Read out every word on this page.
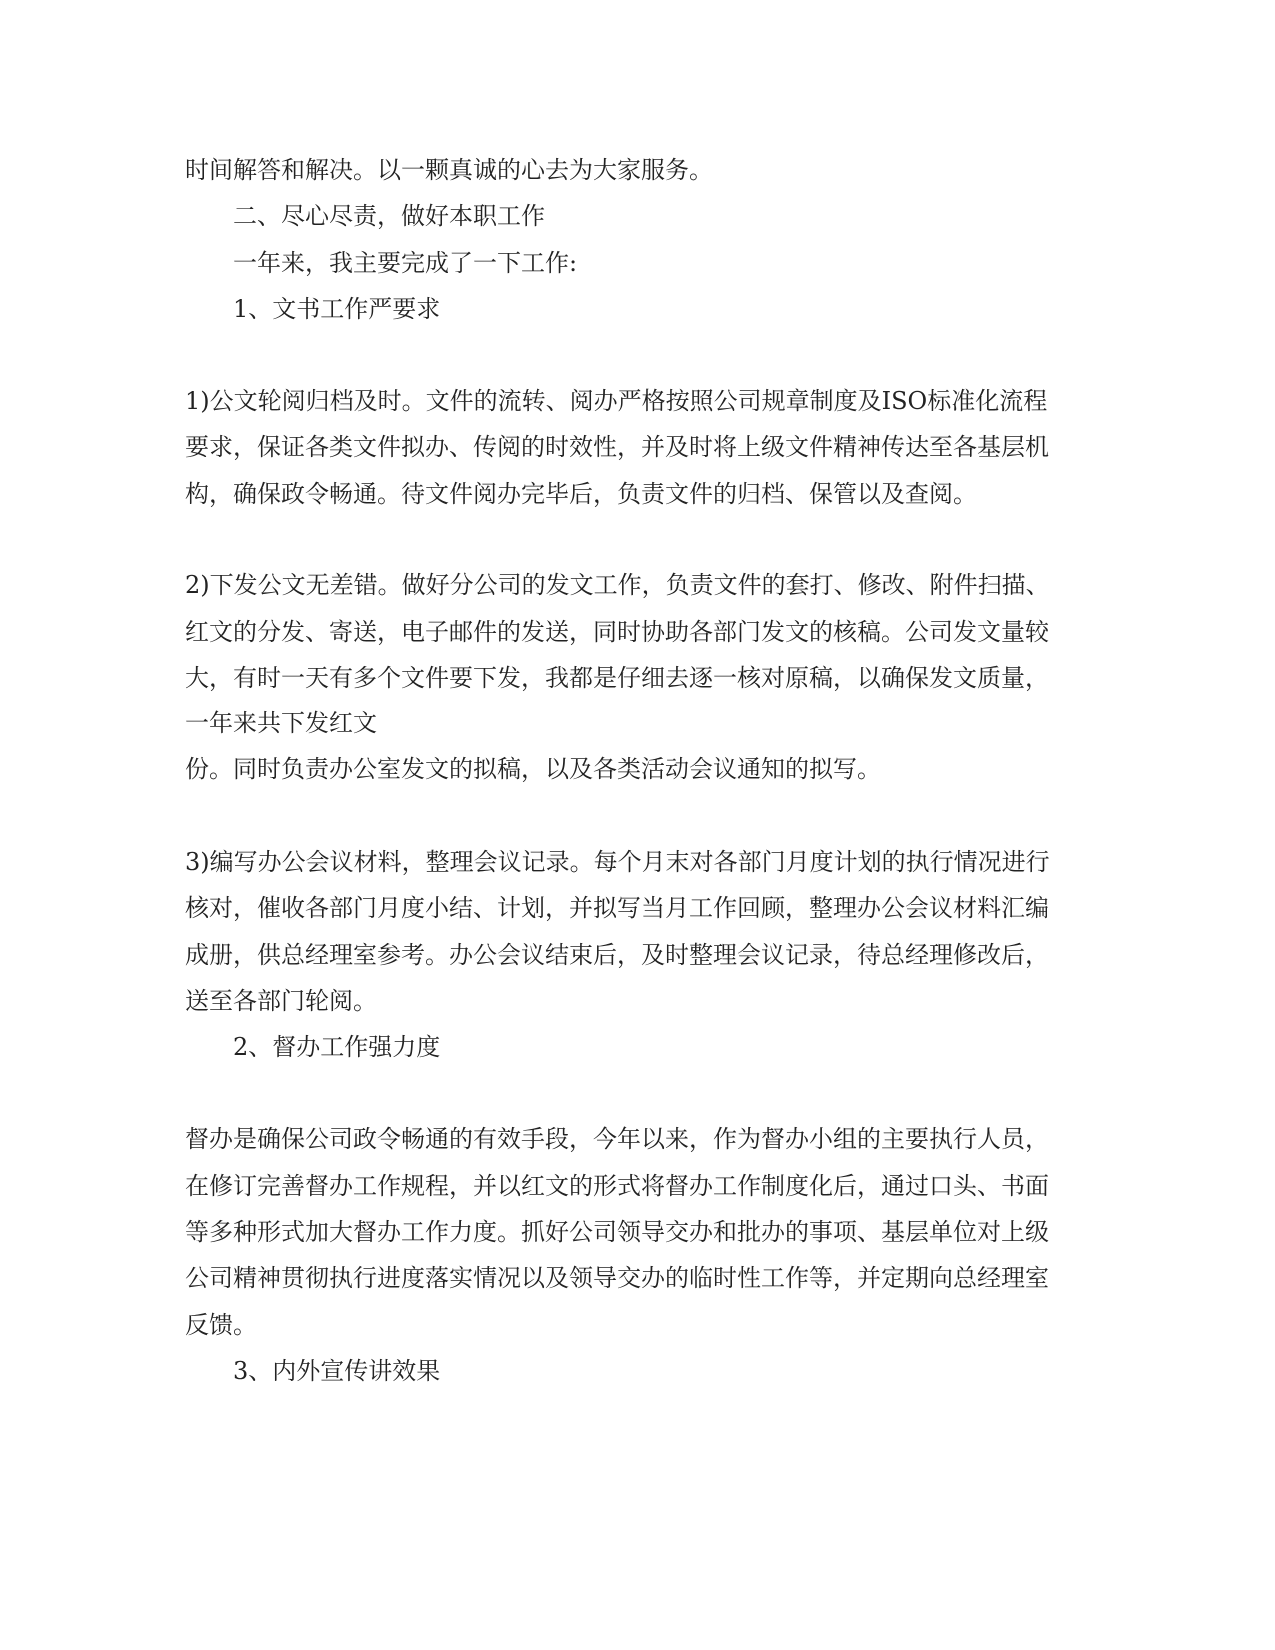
时间解答和解决。以一颗真诚的心去为大家服务。

二、尽心尽责，做好本职工作

一年来，我主要完成了一下工作:

1、文书工作严要求

1)公文轮阅归档及时。文件的流转、阅办严格按照公司规章制度及ISO标准化流程

要求，保证各类文件拟办、传阅的时效性，并及时将上级文件精神传达至各基层机

构，确保政令畅通。待文件阅办完毕后，负责文件的归档、保管以及查阅。

2)下发公文无差错。做好分公司的发文工作，负责文件的套打、修改、附件扫描、

红文的分发、寄送，电子邮件的发送，同时协助各部门发文的核稿。公司发文量较

大，有时一天有多个文件要下发，我都是仔细去逐一核对原稿，以确保发文质量，

一年来共下发红文

份。同时负责办公室发文的拟稿，以及各类活动会议通知的拟写。

3)编写办公会议材料，整理会议记录。每个月末对各部门月度计划的执行情况进行

核对，催收各部门月度小结、计划，并拟写当月工作回顾，整理办公会议材料汇编

成册，供总经理室参考。办公会议结束后，及时整理会议记录，待总经理修改后，

送至各部门轮阅。

2、督办工作强力度

督办是确保公司政令畅通的有效手段，今年以来，作为督办小组的主要执行人员，

在修订完善督办工作规程，并以红文的形式将督办工作制度化后，通过口头、书面

等多种形式加大督办工作力度。抓好公司领导交办和批办的事项、基层单位对上级

公司精神贯彻执行进度落实情况以及领导交办的临时性工作等，并定期向总经理室

反馈。

3、内外宣传讲效果
